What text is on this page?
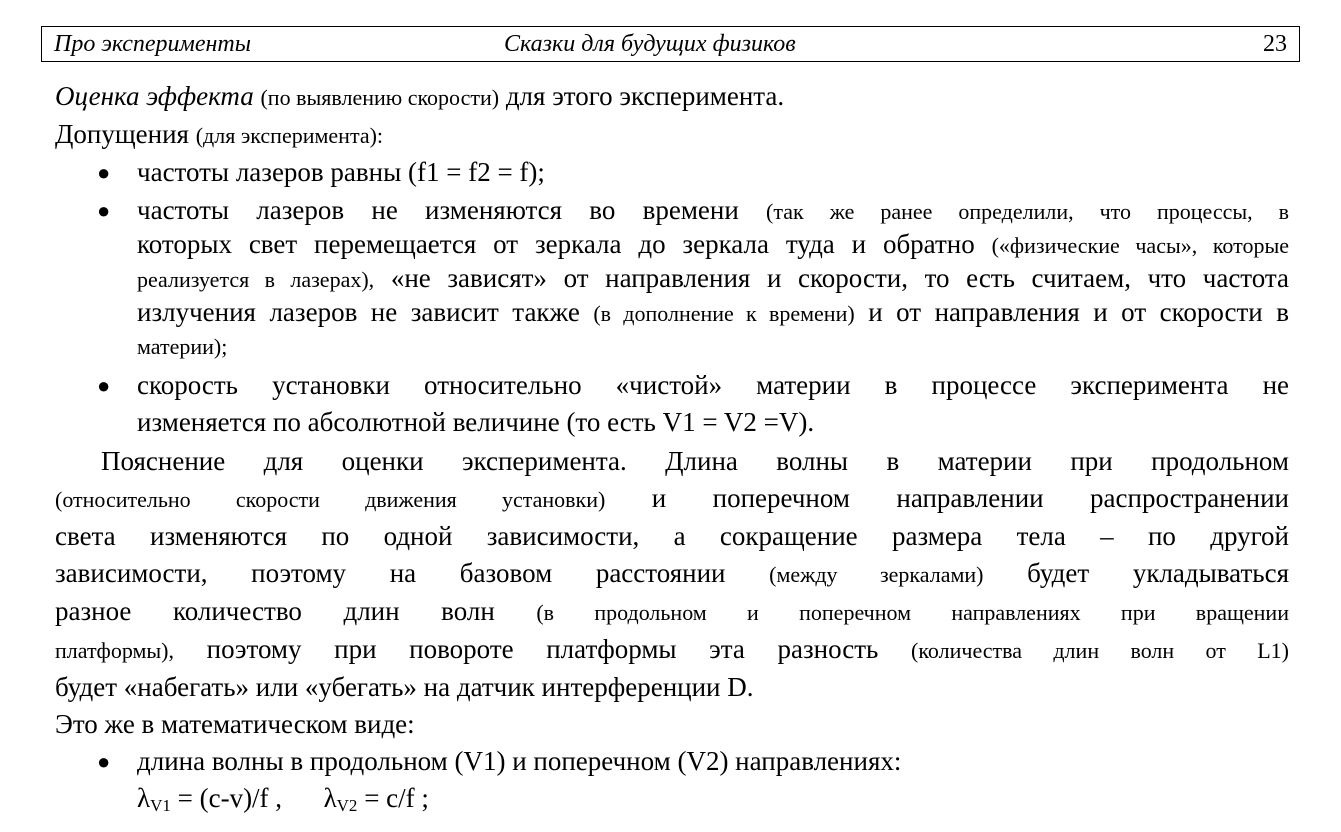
Про эксперименты	Сказки для будущих физиков	23
Оценка эффекта (по выявлению скорости) для этого эксперимента.
Допущения (для эксперимента):
● частоты лазеров равны (f1 = f2 = f);
● частоты лазеров не изменяются во времени (так же ранее определили, что процессы, в
которых свет перемещается от зеркала до зеркала туда и обратно («физические часы», которые
реализуется в лазерах), «не зависят» от направления и скорости, то есть считаем, что частота
излучения лазеров не зависит также (в дополнение к времени) и от направления и от скорости в
материи);
● скорость установки относительно «чистой» материи в процессе эксперимента не
изменяется по абсолютной величине (то есть V1 = V2 =V).
Пояснение для оценки эксперимента. Длина волны в материи при продольном
(относительно скорости движения установки) и поперечном направлении распространении
света изменяются по одной зависимости, а сокращение размера тела – по другой
зависимости, поэтому на базовом расстоянии (между зеркалами) будет укладываться
разное количество длин волн (в продольном и поперечном направлениях при вращении
платформы), поэтому при повороте платформы эта разность (количества длин волн от L1)
будет «набегать» или «убегать» на датчик интерференции D.
Это же в математическом виде:
● длина волны в продольном (V1) и поперечном (V2) направлениях:
$\lambda_{V1} = (c-v)/f$ , $\lambda_{V2} = c/f$ ;
